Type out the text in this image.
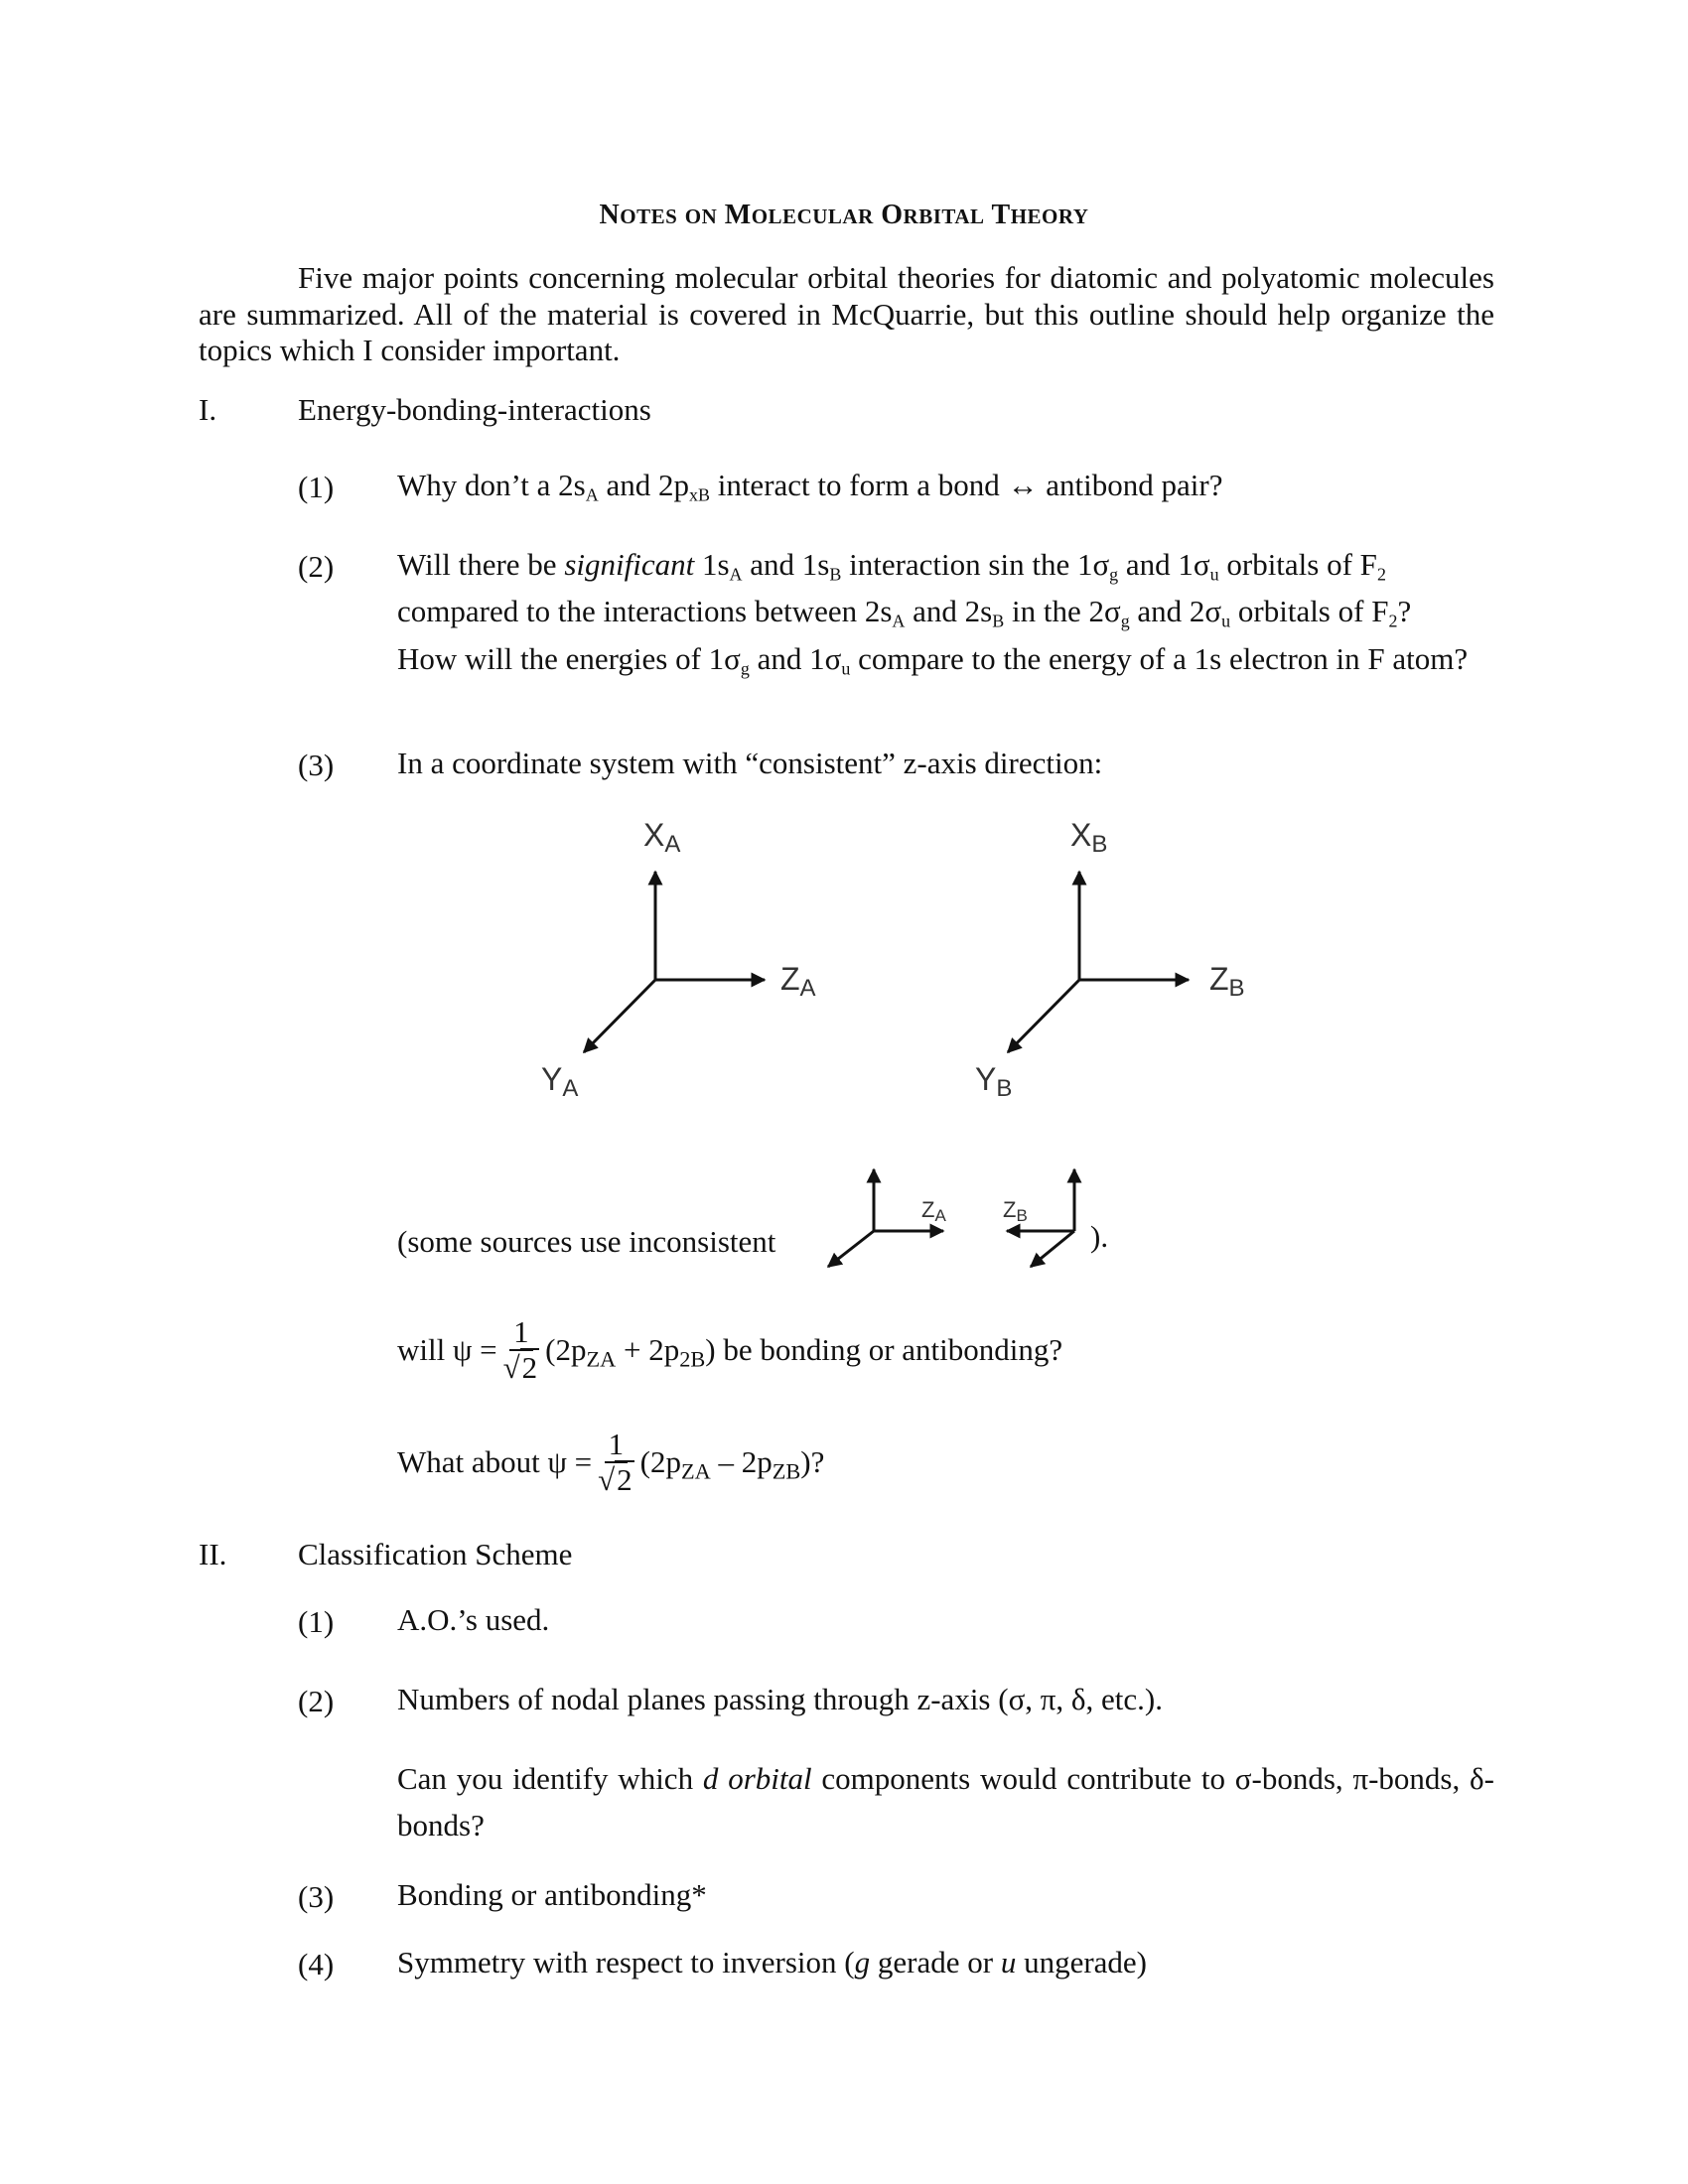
NOTES ON MOLECULAR ORBITAL THEORY
Five major points concerning molecular orbital theories for diatomic and polyatomic molecules are summarized. All of the material is covered in McQuarrie, but this outline should help organize the topics which I consider important.
I.	Energy-bonding-interactions
(1) Why don’t a $2s_A$ and $2p_{xB}$ interact to form a bond ↔ antibond pair?
(2) Will there be significant $1s_A$ and $1s_B$ interaction sin the $1\sigma_g$ and $1\sigma_u$ orbitals of $F_2$
compared to the interactions between $2s_A$ and $2s_B$ in the $2\sigma_g$ and $2\sigma_u$ orbitals of $F_2$?

How will the energies of $1\sigma_g$ and $1\sigma_u$ compare to the energy of a 1s electron in F atom?
(3) In a coordinate system with “consistent” z-axis direction:
XA
ZA
YA
XB
ZB
YB
(some sources use inconsistent
ZA	ZB
).
will $\psi = \frac{1}{√2} (2p_{ZA} + 2p_{2B})$ be bonding or antibonding?
What about $\psi = \frac{1}{√2} (2p_{ZA} - 2p_{ZB})$?
II. Classification Scheme
(1) A.O.’s used.
(2) Numbers of nodal planes passing through z-axis (σ, π, δ, etc.).
Can you identify which d orbital components would contribute to σ-bonds, π-bonds, δ-bonds?
(3) Bonding or antibonding*
(4) Symmetry with respect to inversion (g gerade or u ungerade)
